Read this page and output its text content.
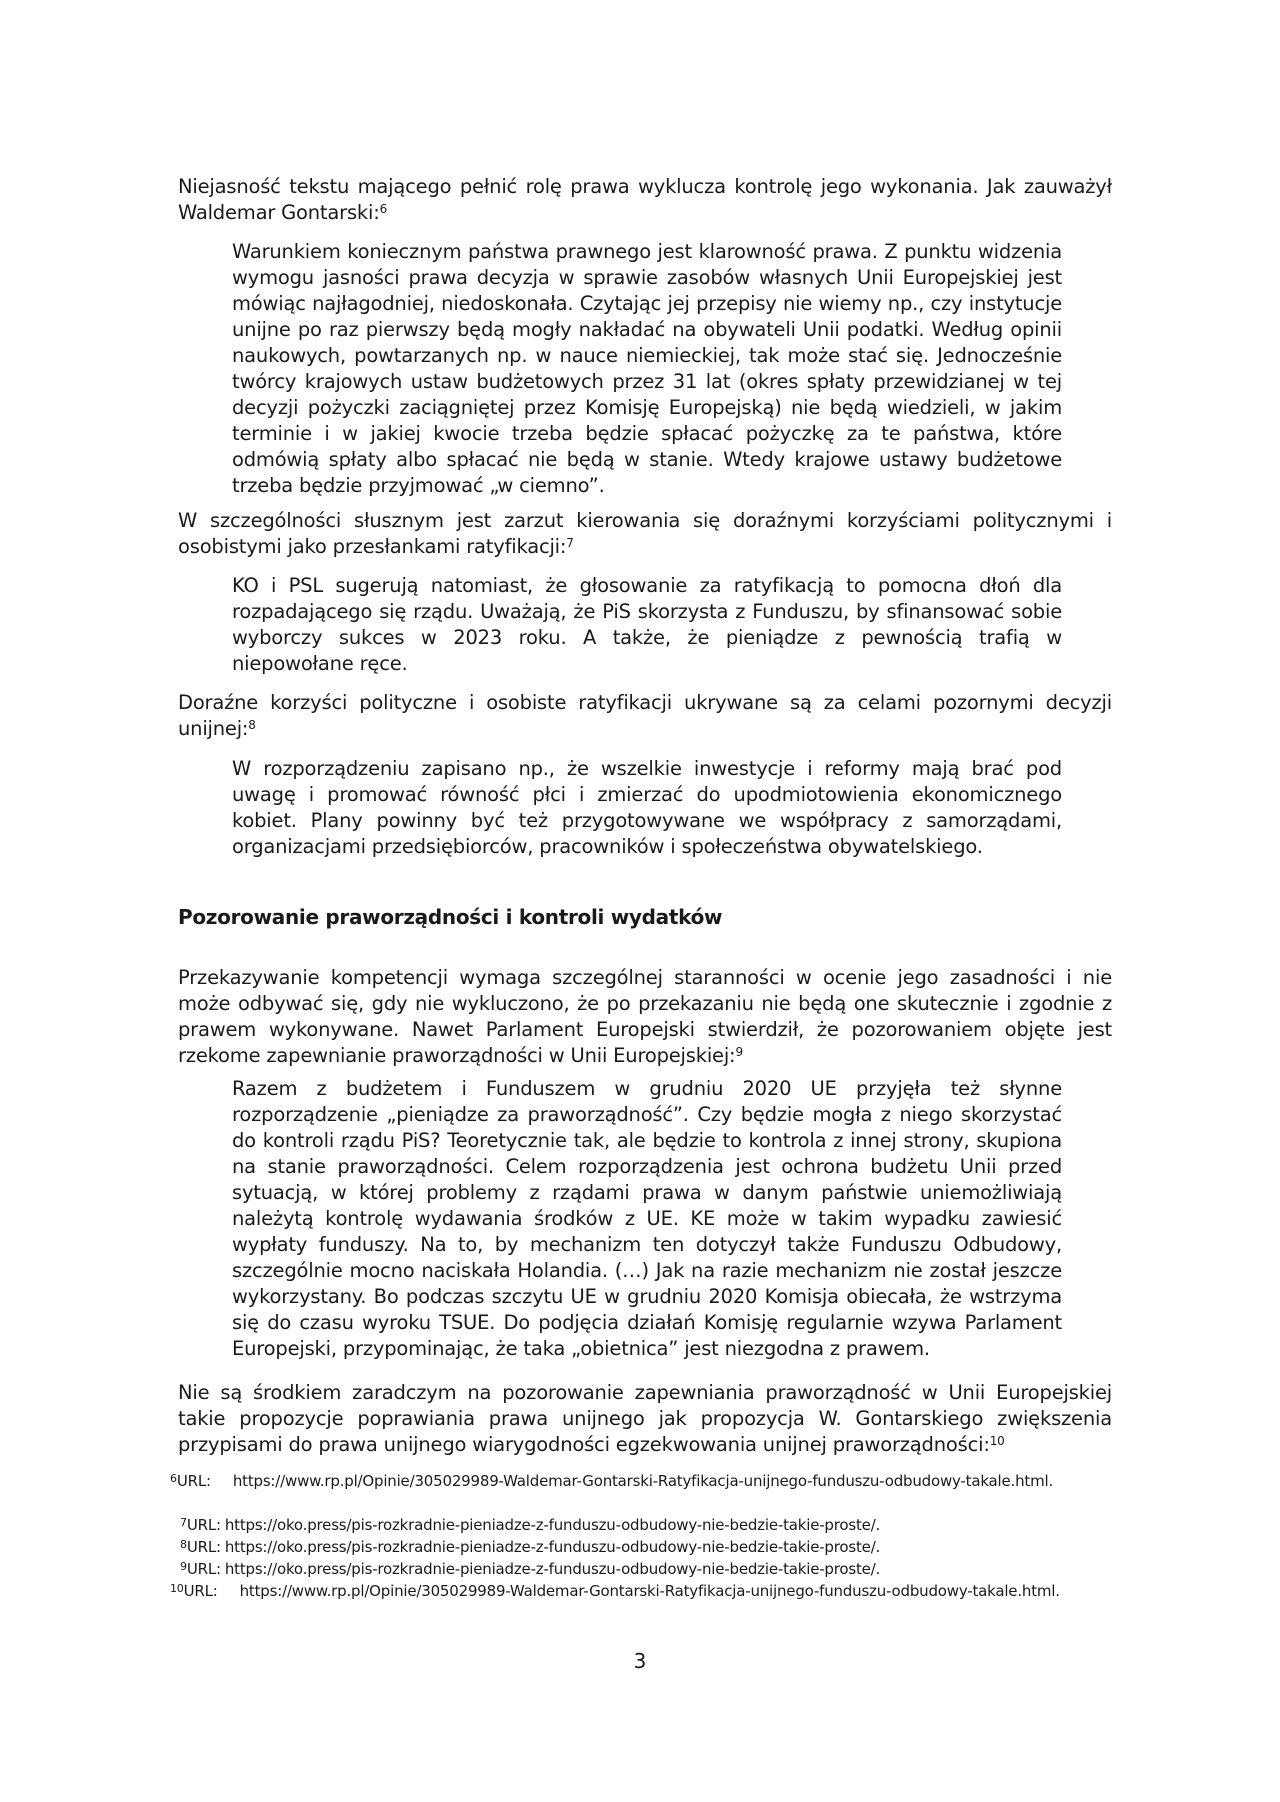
Niejasność tekstu mającego pełnić rolę prawa wyklucza kontrolę jego wykonania. Jak zauważył Waldemar Gontarski:$^6$
Warunkiem koniecznym państwa prawnego jest klarowność prawa. Z punktu widzenia wymogu jasności prawa decyzja w sprawie zasobów własnych Unii Europejskiej jest mówiąc najłagodniej, niedoskonała. Czytając jej przepisy nie wiemy np., czy instytucje unijne po raz pierwszy będą mogły nakładać na obywateli Unii podatki. Według opinii naukowych, powtarzanych np. w nauce niemieckiej, tak może stać się. Jednocześnie twórcy krajowych ustaw budżetowych przez 31 lat (okres spłaty przewidzianej w tej decyzji pożyczki zaciągniętej przez Komisję Europejską) nie będą wiedzieli, w jakim terminie i w jakiej kwocie trzeba będzie spłacać pożyczkę za te państwa, które odmówią spłaty albo spłacać nie będą w stanie. Wtedy krajowe ustawy budżetowe trzeba będzie przyjmować „w ciemno”.
W szczególności słusznym jest zarzut kierowania się doraźnymi korzyściami politycznymi i osobistymi jako przesłankami ratyfikacji:$^7$
KO i PSL sugerują natomiast, że głosowanie za ratyfikacją to pomocna dłoń dla rozpadającego się rządu. Uważają, że PiS skorzysta z Funduszu, by sfinansować sobie wyborczy sukces w 2023 roku. A także, że pieniądze z pewnością trafią w niepowołane ręce.
Doraźne korzyści polityczne i osobiste ratyfikacji ukrywane są za celami pozornymi decyzji unijnej:$^8$
W rozporządzeniu zapisano np., że wszelkie inwestycje i reformy mają brać pod uwagę i promować równość płci i zmierzać do upodmiotowienia ekonomicznego kobiet. Plany powinny być też przygotowywane we współpracy z samorządami, organizacjami przedsiębiorców, pracowników i społeczeństwa obywatelskiego.
Pozorowanie praworządności i kontroli wydatków
Przekazywanie kompetencji wymaga szczególnej staranności w ocenie jego zasadności i nie może odbywać się, gdy nie wykluczono, że po przekazaniu nie będą one skutecznie i zgodnie z prawem wykonywane. Nawet Parlament Europejski stwierdził, że pozorowaniem objęte jest rzekome zapewnianie praworządności w Unii Europejskiej:$^9$
Razem z budżetem i Funduszem w grudniu 2020 UE przyjęła też słynne rozporządzenie „pieniądze za praworządność”. Czy będzie mogła z niego skorzystać do kontroli rządu PiS? Teoretycznie tak, ale będzie to kontrola z innej strony, skupiona na stanie praworządności. Celem rozporządzenia jest ochrona budżetu Unii przed sytuacją, w której problemy z rządami prawa w danym państwie uniemożliwiają należytą kontrolę wydawania środków z UE. KE może w takim wypadku zawiesić wypłaty funduszy. Na to, by mechanizm ten dotyczył także Funduszu Odbudowy, szczególnie mocno naciskała Holandia. (…) Jak na razie mechanizm nie został jeszcze wykorzystany. Bo podczas szczytu UE w grudniu 2020 Komisja obiecała, że wstrzyma się do czasu wyroku TSUE. Do podjęcia działań Komisję regularnie wzywa Parlament Europejski, przypominając, że taka „obietnica” jest niezgodna z prawem.
Nie są środkiem zaradczym na pozorowanie zapewniania praworządność w Unii Europejskiej takie propozycje poprawiania prawa unijnego jak propozycja W. Gontarskiego zwiększenia przypisami do prawa unijnego wiarygodności egzekwowania unijnej praworządności:$^{10}$
$^6$URL: https://www.rp.pl/Opinie/305029989-Waldemar-Gontarski-Ratyfikacja-unijnego-funduszu-odbudowy-takale.html.
$^7$URL: https://oko.press/pis-rozkradnie-pieniadze-z-funduszu-odbudowy-nie-bedzie-takie-proste/.
$^8$URL: https://oko.press/pis-rozkradnie-pieniadze-z-funduszu-odbudowy-nie-bedzie-takie-proste/.
$^9$URL: https://oko.press/pis-rozkradnie-pieniadze-z-funduszu-odbudowy-nie-bedzie-takie-proste/.
$^{10}$URL: https://www.rp.pl/Opinie/305029989-Waldemar-Gontarski-Ratyfikacja-unijnego-funduszu-odbudowy-takale.html.
3
